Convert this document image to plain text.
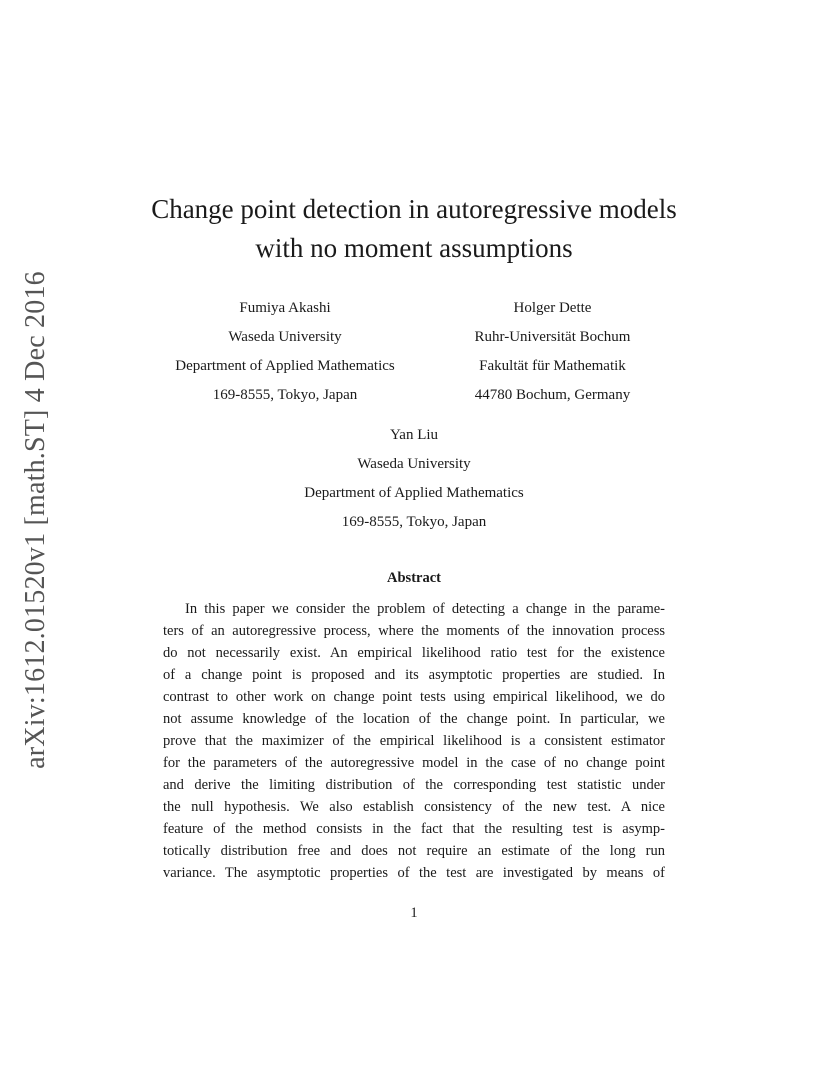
arXiv:1612.01520v1 [math.ST] 4 Dec 2016
Change point detection in autoregressive models
with no moment assumptions
Fumiya Akashi
Waseda University
Department of Applied Mathematics
169-8555, Tokyo, Japan
Holger Dette
Ruhr-Universität Bochum
Fakultät für Mathematik
44780 Bochum, Germany
Yan Liu
Waseda University
Department of Applied Mathematics
169-8555, Tokyo, Japan
Abstract
In this paper we consider the problem of detecting a change in the parame-
ters of an autoregressive process, where the moments of the innovation process
do not necessarily exist. An empirical likelihood ratio test for the existence
of a change point is proposed and its asymptotic properties are studied. In
contrast to other work on change point tests using empirical likelihood, we do
not assume knowledge of the location of the change point. In particular, we
prove that the maximizer of the empirical likelihood is a consistent estimator
for the parameters of the autoregressive model in the case of no change point
and derive the limiting distribution of the corresponding test statistic under
the null hypothesis. We also establish consistency of the new test. A nice
feature of the method consists in the fact that the resulting test is asymp-
totically distribution free and does not require an estimate of the long run
variance. The asymptotic properties of the test are investigated by means of
1
